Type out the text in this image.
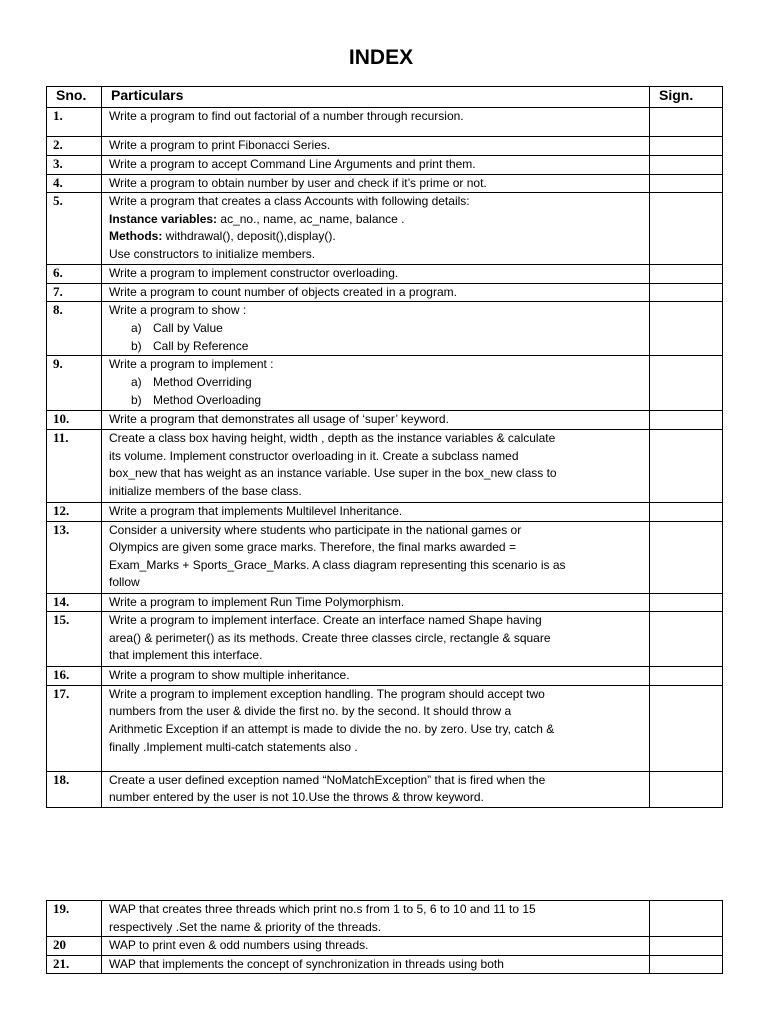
INDEX
Sno.	Particulars	Sign.
1.	Write a program to find out factorial of a number through recursion.	

2.	Write a program to print Fibonacci Series.	

3.	Write a program to accept Command Line Arguments and print them.	

4.	Write a program to obtain number by user and check if it’s prime or not.	

5.	Write a program that creates a class Accounts with following details:
Instance variables: ac_no., name, ac_name, balance .
Methods: withdrawal(), deposit(),display().
Use constructors to initialize members.	

6.	Write a program to implement constructor overloading.	

7.	Write a program to count number of objects created in a program.	

8.	Write a program to show :
a) Call by Value
b) Call by Reference	

9.	Write a program to implement :
a) Method Overriding
b) Method Overloading	

10.	Write a program that demonstrates all usage of ‘super’ keyword.	

11.	Create a class box having height, width , depth as the instance variables & calculate
its volume. Implement constructor overloading in it. Create a subclass named
box_new that has weight as an instance variable. Use super in the box_new class to
initialize members of the base class.	

12.	Write a program that implements Multilevel Inheritance.	

13.	Consider a university where students who participate in the national games or
Olympics are given some grace marks. Therefore, the final marks awarded =
Exam_Marks + Sports_Grace_Marks. A class diagram representing this scenario is as
follow	

14.	Write a program to implement Run Time Polymorphism.	

15.	Write a program to implement interface. Create an interface named Shape having
area() & perimeter() as its methods. Create three classes circle, rectangle & square
that implement this interface.	

16.	Write a program to show multiple inheritance.	

17.	Write a program to implement exception handling. The program should accept two
numbers from the user & divide the first no. by the second. It should throw a
Arithmetic Exception if an attempt is made to divide the no. by zero. Use try, catch &
finally .Implement multi-catch statements also .	

18.	Create a user defined exception named “NoMatchException” that is fired when the
number entered by the user is not 10.Use the throws & throw keyword.	

19.	WAP that creates three threads which print no.s from 1 to 5, 6 to 10 and 11 to 15
respectively .Set the name & priority of the threads.	

20	WAP to print even & odd numbers using threads.	

21.	WAP that implements the concept of synchronization in threads using both	
